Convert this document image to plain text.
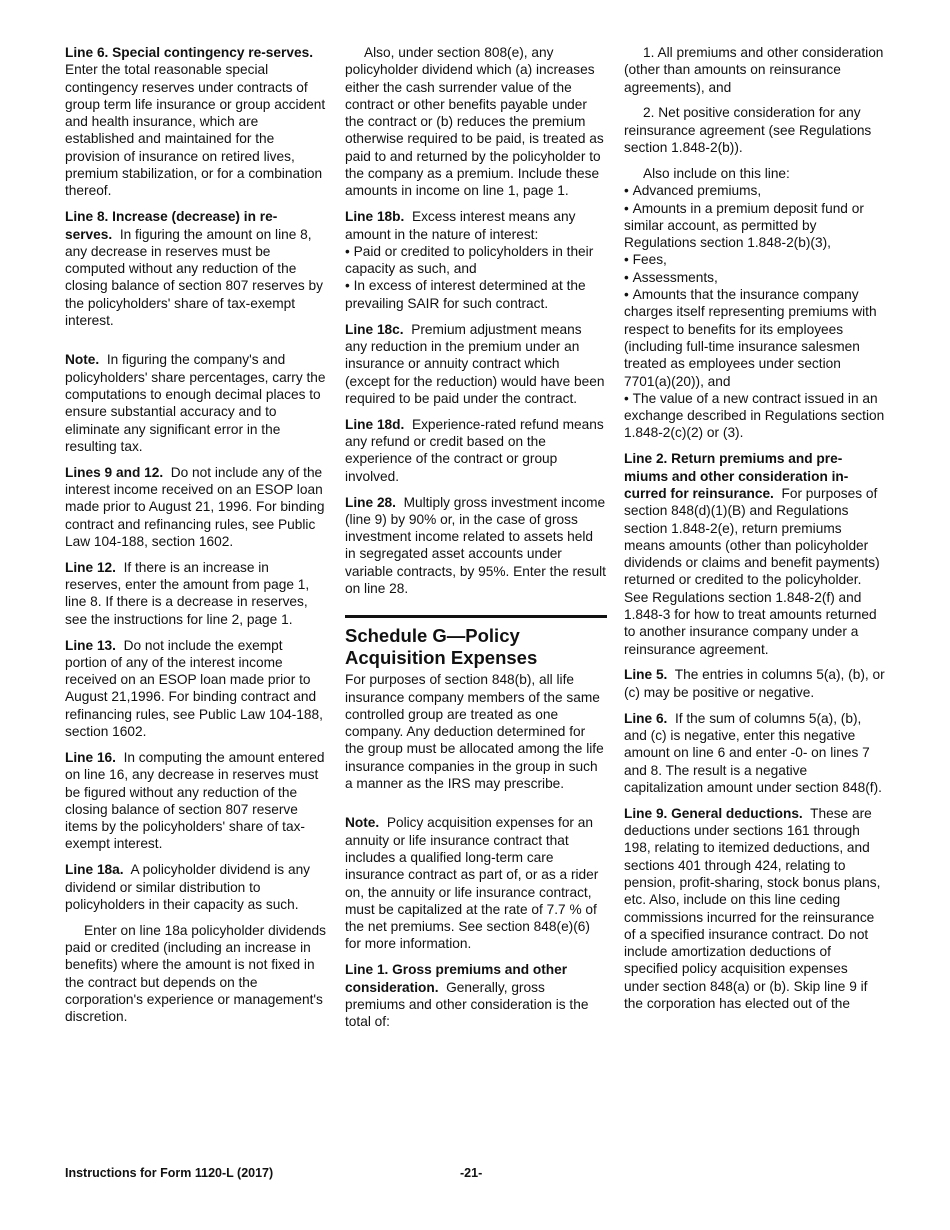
Line 6. Special contingency re-serves.  Enter the total reasonable special contingency reserves under contracts of group term life insurance or group accident and health insurance, which are established and maintained for the provision of insurance on retired lives, premium stabilization, or for a combination thereof.

Line 8. Increase (decrease) in re-serves. In figuring the amount on line 8, any decrease in reserves must be computed without any reduction of the closing balance of section 807 reserves by the policyholders' share of tax-exempt interest.

Note. In figuring the company's and policyholders' share percentages, carry the computations to enough decimal places to ensure substantial accuracy and to eliminate any significant error in the resulting tax.

Lines 9 and 12. Do not include any of the interest income received on an ESOP loan made prior to August 21, 1996. For binding contract and refinancing rules, see Public Law 104-188, section 1602.

Line 12. If there is an increase in reserves, enter the amount from page 1, line 8. If there is a decrease in reserves, see the instructions for line 2, page 1.

Line 13. Do not include the exempt portion of any of the interest income received on an ESOP loan made prior to August 21,1996. For binding contract and refinancing rules, see Public Law 104-188, section 1602.

Line 16. In computing the amount entered on line 16, any decrease in reserves must be figured without any reduction of the closing balance of section 807 reserve items by the policyholders' share of tax-exempt interest.

Line 18a. A policyholder dividend is any dividend or similar distribution to policyholders in their capacity as such.

Enter on line 18a policyholder dividends paid or credited (including an increase in benefits) where the amount is not fixed in the contract but depends on the corporation's experience or management's discretion.

Also, under section 808(e), any policyholder dividend which (a) increases either the cash surrender value of the contract or other benefits payable under the contract or (b) reduces the premium otherwise required to be paid, is treated as paid to and returned by the policyholder to the company as a premium. Include these amounts in income on line 1, page 1.

Line 18b. Excess interest means any amount in the nature of interest:

• Paid or credited to policyholders in their capacity as such, and
• In excess of interest determined at the prevailing SAIR for such contract.

Line 18c. Premium adjustment means any reduction in the premium under an insurance or annuity contract which (except for the reduction) would have been required to be paid under the contract.

Line 18d. Experience-rated refund means any refund or credit based on the experience of the contract or group involved.

Line 28. Multiply gross investment income (line 9) by 90% or, in the case of gross investment income related to assets held in segregated asset accounts under variable contracts, by 95%. Enter the result on line 28.

Schedule G—Policy Acquisition Expenses

For purposes of section 848(b), all life insurance company members of the same controlled group are treated as one company. Any deduction determined for the group must be allocated among the life insurance companies in the group in such a manner as the IRS may prescribe.

Note. Policy acquisition expenses for an annuity or life insurance contract that includes a qualified long-term care insurance contract as part of, or as a rider on, the annuity or life insurance contract, must be capitalized at the rate of 7.7 % of the net premiums. See section 848(e)(6) for more information.

Line 1. Gross premiums and other consideration. Generally, gross premiums and other consideration is the total of:

1. All premiums and other consideration (other than amounts on reinsurance agreements), and

2. Net positive consideration for any reinsurance agreement (see Regulations section 1.848-2(b)).

Also include on this line:
• Advanced premiums,
• Amounts in a premium deposit fund or similar account, as permitted by Regulations section 1.848-2(b)(3),
• Fees,
• Assessments,
• Amounts that the insurance company charges itself representing premiums with respect to benefits for its employees (including full-time insurance salesmen treated as employees under section 7701(a)(20)), and
• The value of a new contract issued in an exchange described in Regulations section 1.848-2(c)(2) or (3).

Line 2. Return premiums and pre-miums and other consideration in-curred for reinsurance. For purposes of section 848(d)(1)(B) and Regulations section 1.848-2(e), return premiums means amounts (other than policyholder dividends or claims and benefit payments) returned or credited to the policyholder. See Regulations section 1.848-2(f) and 1.848-3 for how to treat amounts returned to another insurance company under a reinsurance agreement.

Line 5. The entries in columns 5(a), (b), or (c) may be positive or negative.

Line 6. If the sum of columns 5(a), (b), and (c) is negative, enter this negative amount on line 6 and enter -0- on lines 7 and 8. The result is a negative capitalization amount under section 848(f).

Line 9. General deductions. These are deductions under sections 161 through 198, relating to itemized deductions, and sections 401 through 424, relating to pension, profit-sharing, stock bonus plans, etc. Also, include on this line ceding commissions incurred for the reinsurance of a specified insurance contract. Do not include amortization deductions of specified policy acquisition expenses under section 848(a) or (b). Skip line 9 if the corporation has elected out of the

Instructions for Form 1120-L (2017)	-21-
